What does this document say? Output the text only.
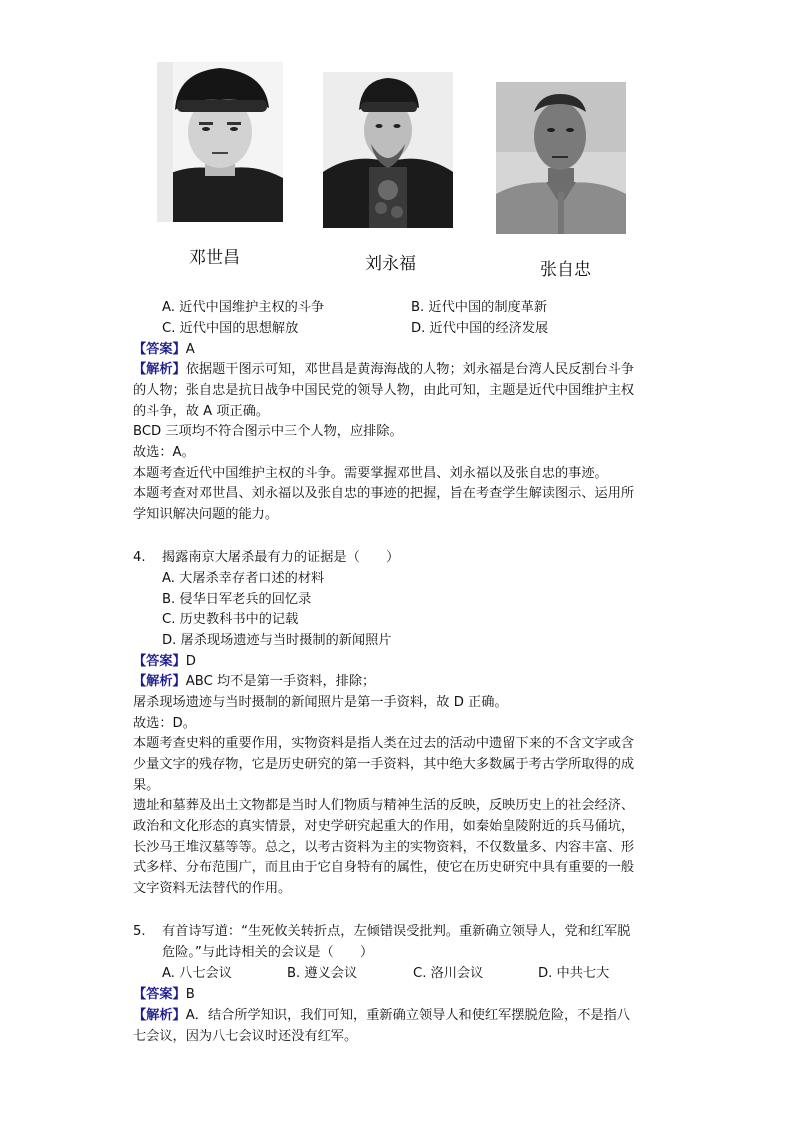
邓世昌	刘永福	张自忠
A. 近代中国维护主权的斗争	B. 近代中国的制度革新
C. 近代中国的思想解放	D. 近代中国的经济发展
【答案】A
【解析】依据题干图示可知，邓世昌是黄海海战的人物；刘永福是台湾人民反割台斗争
的人物；张自忠是抗日战争中国民党的领导人物，由此可知，主题是近代中国维护主权
的斗争，故 A 项正确。
BCD 三项均不符合图示中三个人物，应排除。
故选：A。
本题考查近代中国维护主权的斗争。需要掌握邓世昌、刘永福以及张自忠的事迹。
本题考查对邓世昌、刘永福以及张自忠的事迹的把握，旨在考查学生解读图示、运用所
学知识解决问题的能力。
4. 揭露南京大屠杀最有力的证据是（　　）
A. 大屠杀幸存者口述的材料
B. 侵华日军老兵的回忆录
C. 历史教科书中的记载
D. 屠杀现场遗迹与当时摄制的新闻照片
【答案】D
【解析】ABC 均不是第一手资料，排除；
屠杀现场遗迹与当时摄制的新闻照片是第一手资料，故 D 正确。
故选：D。
本题考查史料的重要作用，实物资料是指人类在过去的活动中遗留下来的不含文字或含
少量文字的残存物，它是历史研究的第一手资料，其中绝大多数属于考古学所取得的成
果。
遗址和墓葬及出土文物都是当时人们物质与精神生活的反映，反映历史上的社会经济、
政治和文化形态的真实情景，对史学研究起重大的作用，如秦始皇陵附近的兵马俑坑，
长沙马王堆汉墓等等。总之，以考古资料为主的实物资料，不仅数量多、内容丰富、形
式多样、分布范围广，而且由于它自身特有的属性，使它在历史研究中具有重要的一般
文字资料无法替代的作用。
5. 有首诗写道：“生死攸关转折点，左倾错误受批判。重新确立领导人，党和红军脱
危险。”与此诗相关的会议是（　　）
A. 八七会议	B. 遵义会议	C. 洛川会议	D. 中共七大
【答案】B
【解析】A．结合所学知识，我们可知，重新确立领导人和使红军摆脱危险，不是指八
七会议，因为八七会议时还没有红军。
